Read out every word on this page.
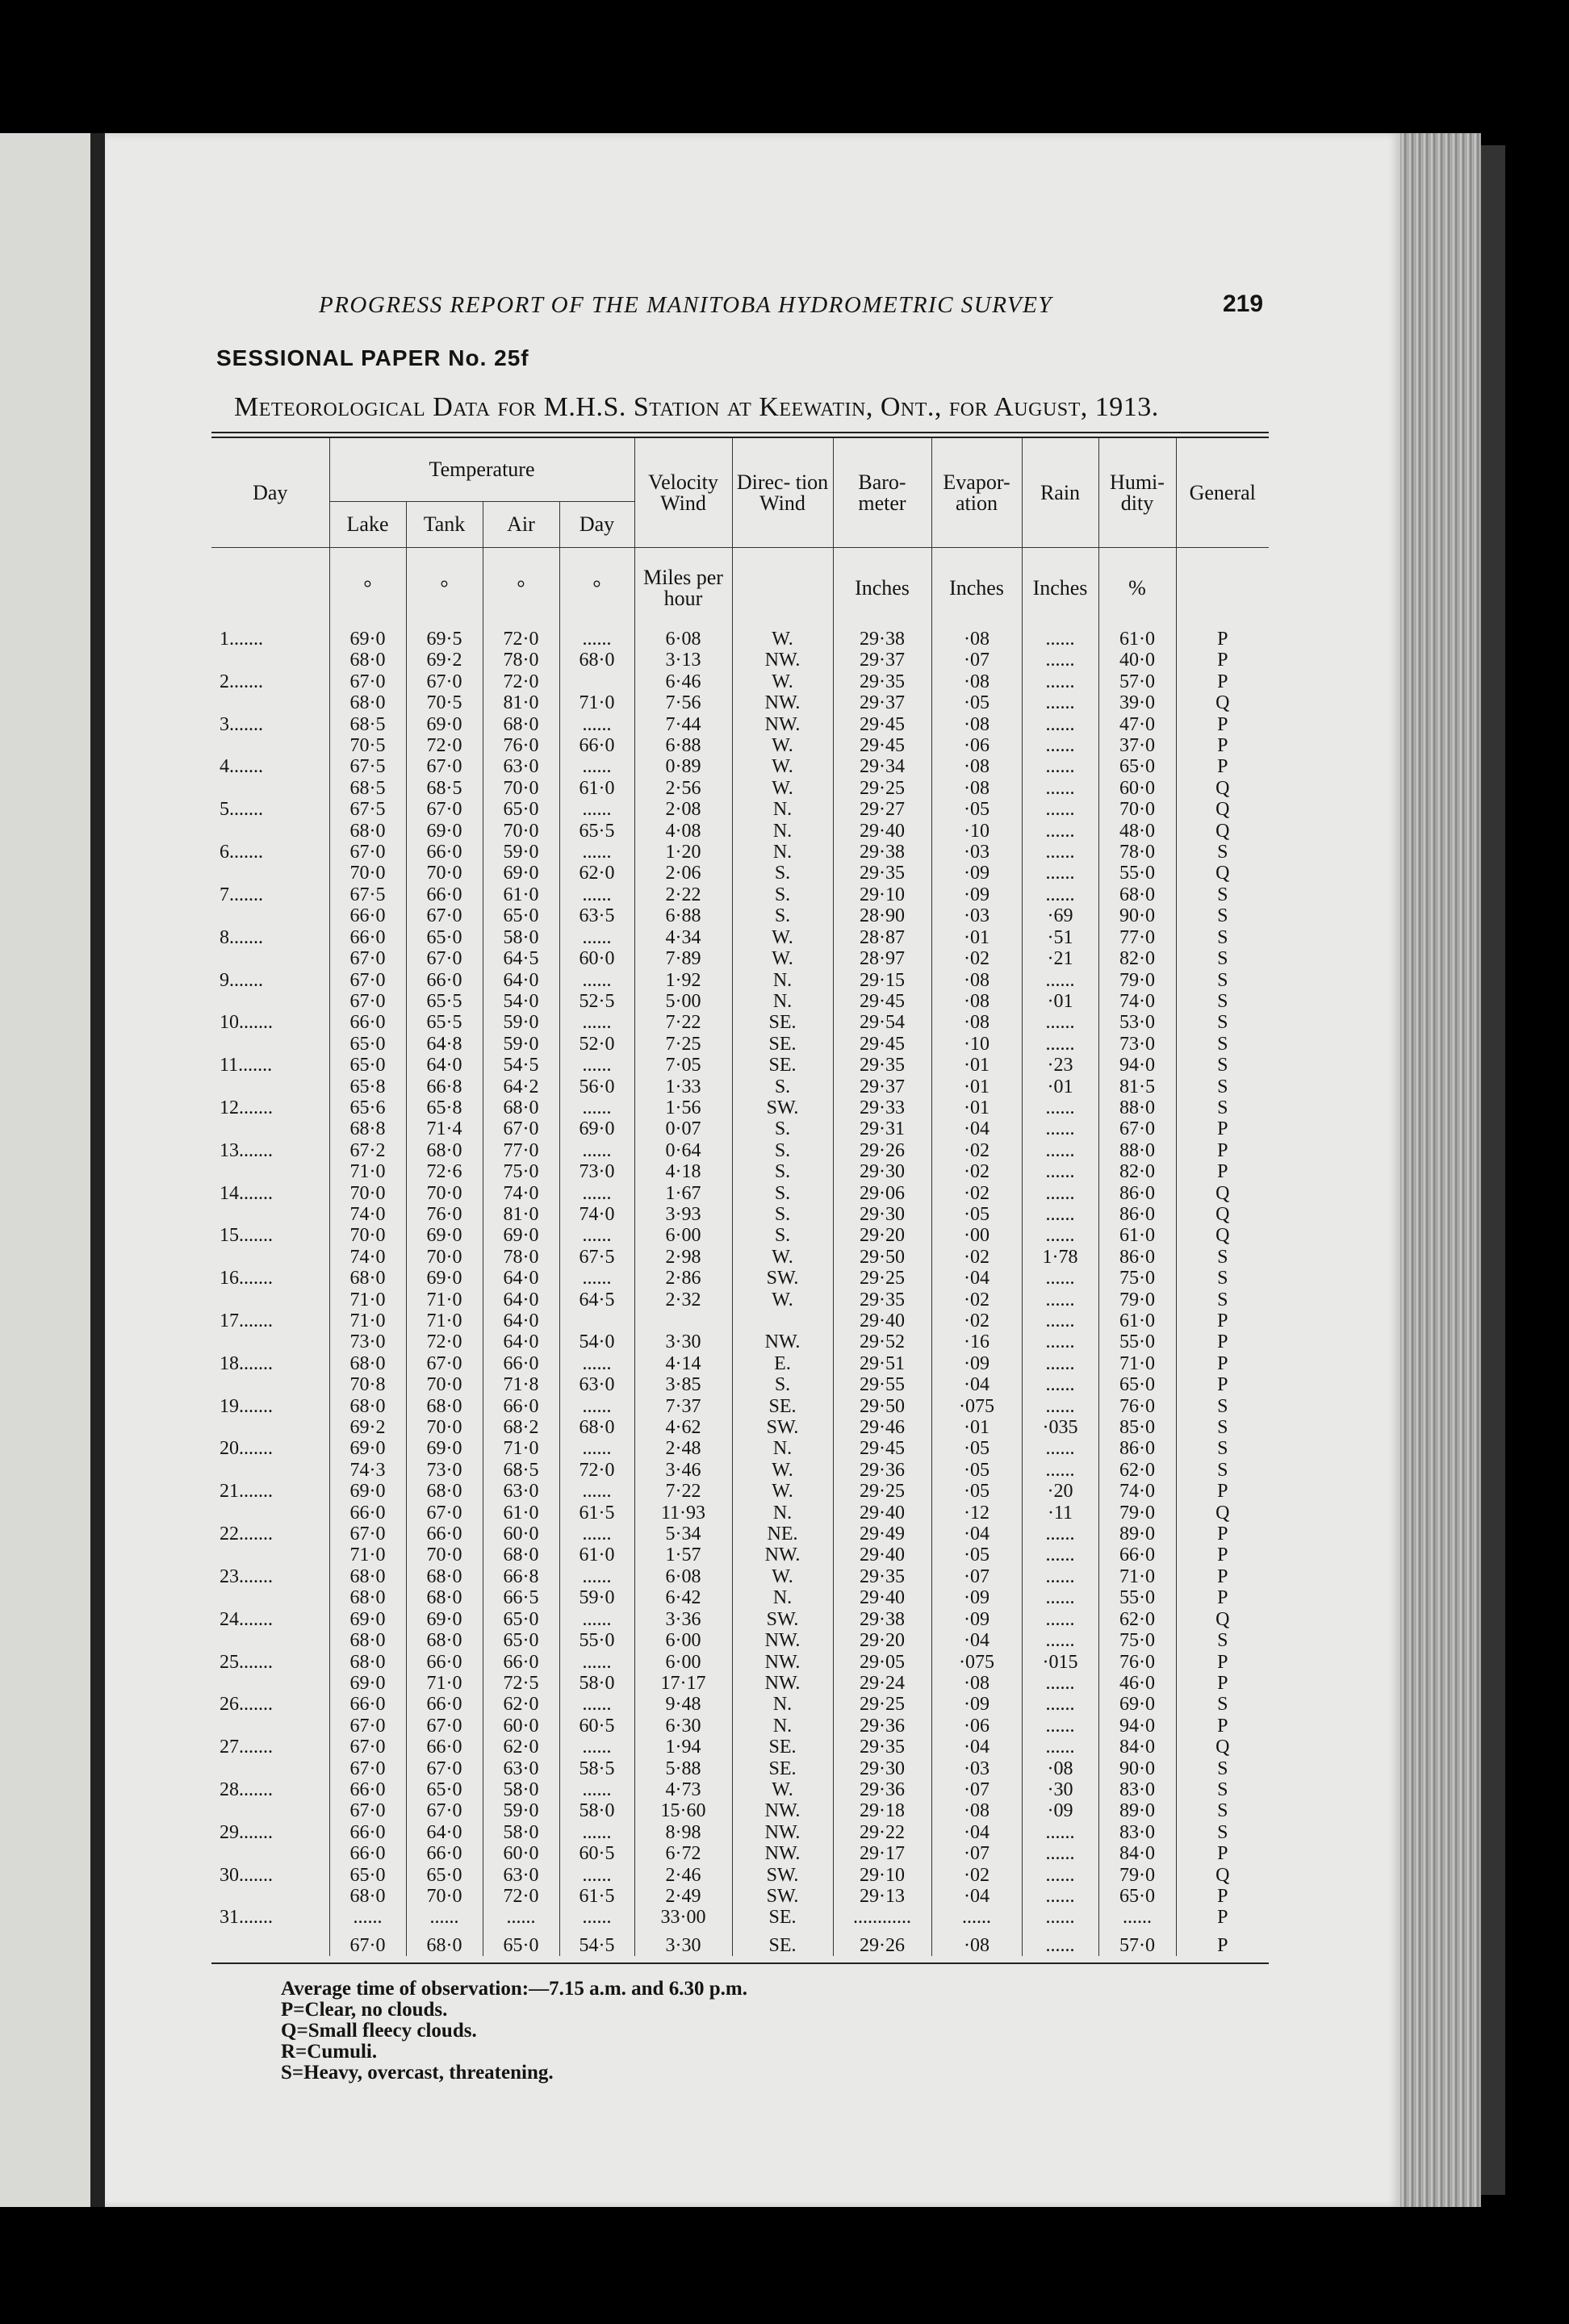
PROGRESS REPORT OF THE MANITOBA HYDROMETRIC SURVEY	219
SESSIONAL PAPER No. 25f
Meteorological Data for M.H.S. Station at Keewatin, Ont., for August, 1913.
Day	Temperature				Velocity Wind	Direc- tion Wind	Baro- meter	Evapor- ation	Rain	Humi- dity	General
	Lake	Tank	Air	Day							
	°	°	°	°	Miles per hour		Inches	Inches	Inches	%	
1.......	69·0	69·5	72·0	......	6·08	W.	29·38	·08	......	61·0	P
	68·0	69·2	78·0	68·0	3·13	NW.	29·37	·07	......	40·0	P
2.......	67·0	67·0	72·0		6·46	W.	29·35	·08	......	57·0	P
	68·0	70·5	81·0	71·0	7·56	NW.	29·37	·05	......	39·0	Q
3.......	68·5	69·0	68·0	......	7·44	NW.	29·45	·08	......	47·0	P
	70·5	72·0	76·0	66·0	6·88	W.	29·45	·06	......	37·0	P
4.......	67·5	67·0	63·0	......	0·89	W.	29·34	·08	......	65·0	P
	68·5	68·5	70·0	61·0	2·56	W.	29·25	·08	......	60·0	Q
5.......	67·5	67·0	65·0	......	2·08	N.	29·27	·05	......	70·0	Q
	68·0	69·0	70·0	65·5	4·08	N.	29·40	·10	......	48·0	Q
6.......	67·0	66·0	59·0	......	1·20	N.	29·38	·03	......	78·0	S
	70·0	70·0	69·0	62·0	2·06	S.	29·35	·09	......	55·0	Q
7.......	67·5	66·0	61·0	......	2·22	S.	29·10	·09	......	68·0	S
	66·0	67·0	65·0	63·5	6·88	S.	28·90	·03	·69	90·0	S
8.......	66·0	65·0	58·0	......	4·34	W.	28·87	·01	·51	77·0	S
	67·0	67·0	64·5	60·0	7·89	W.	28·97	·02	·21	82·0	S
9.......	67·0	66·0	64·0	......	1·92	N.	29·15	·08	......	79·0	S
	67·0	65·5	54·0	52·5	5·00	N.	29·45	·08	·01	74·0	S
10.......	66·0	65·5	59·0	......	7·22	SE.	29·54	·08	......	53·0	S
	65·0	64·8	59·0	52·0	7·25	SE.	29·45	·10	......	73·0	S
11.......	65·0	64·0	54·5	......	7·05	SE.	29·35	·01	·23	94·0	S
	65·8	66·8	64·2	56·0	1·33	S.	29·37	·01	·01	81·5	S
12.......	65·6	65·8	68·0	......	1·56	SW.	29·33	·01	......	88·0	S
	68·8	71·4	67·0	69·0	0·07	S.	29·31	·04	......	67·0	P
13.......	67·2	68·0	77·0	......	0·64	S.	29·26	·02	......	88·0	P
	71·0	72·6	75·0	73·0	4·18	S.	29·30	·02	......	82·0	P
14.......	70·0	70·0	74·0	......	1·67	S.	29·06	·02	......	86·0	Q
	74·0	76·0	81·0	74·0	3·93	S.	29·30	·05	......	86·0	Q
15.......	70·0	69·0	69·0	......	6·00	S.	29·20	·00	......	61·0	Q
	74·0	70·0	78·0	67·5	2·98	W.	29·50	·02	1·78	86·0	S
16.......	68·0	69·0	64·0	......	2·86	SW.	29·25	·04	......	75·0	S
	71·0	71·0	64·0	64·5	2·32	W.	29·35	·02	......	79·0	S
17.......	71·0	71·0	64·0				29·40	·02	......	61·0	P
	73·0	72·0	64·0	54·0	3·30	NW.	29·52	·16	......	55·0	P
18.......	68·0	67·0	66·0	......	4·14	E.	29·51	·09	......	71·0	P
	70·8	70·0	71·8	63·0	3·85	S.	29·55	·04	......	65·0	P
19.......	68·0	68·0	66·0	......	7·37	SE.	29·50	·075	......	76·0	S
	69·2	70·0	68·2	68·0	4·62	SW.	29·46	·01	·035	85·0	S
20.......	69·0	69·0	71·0	......	2·48	N.	29·45	·05	......	86·0	S
	74·3	73·0	68·5	72·0	3·46	W.	29·36	·05	......	62·0	S
21.......	69·0	68·0	63·0	......	7·22	W.	29·25	·05	·20	74·0	P
	66·0	67·0	61·0	61·5	11·93	N.	29·40	·12	·11	79·0	Q
22.......	67·0	66·0	60·0	......	5·34	NE.	29·49	·04	......	89·0	P
	71·0	70·0	68·0	61·0	1·57	NW.	29·40	·05	......	66·0	P
23.......	68·0	68·0	66·8	......	6·08	W.	29·35	·07	......	71·0	P
	68·0	68·0	66·5	59·0	6·42	N.	29·40	·09	......	55·0	P
24.......	69·0	69·0	65·0	......	3·36	SW.	29·38	·09	......	62·0	Q
	68·0	68·0	65·0	55·0	6·00	NW.	29·20	·04	......	75·0	S
25.......	68·0	66·0	66·0	......	6·00	NW.	29·05	·075	·015	76·0	P
	69·0	71·0	72·5	58·0	17·17	NW.	29·24	·08	......	46·0	P
26.......	66·0	66·0	62·0	......	9·48	N.	29·25	·09	......	69·0	S
	67·0	67·0	60·0	60·5	6·30	N.	29·36	·06	......	94·0	P
27.......	67·0	66·0	62·0	......	1·94	SE.	29·35	·04	......	84·0	Q
	67·0	67·0	63·0	58·5	5·88	SE.	29·30	·03	·08	90·0	S
28.......	66·0	65·0	58·0	......	4·73	W.	29·36	·07	·30	83·0	S
	67·0	67·0	59·0	58·0	15·60	NW.	29·18	·08	·09	89·0	S
29.......	66·0	64·0	58·0	......	8·98	NW.	29·22	·04	......	83·0	S
	66·0	66·0	60·0	60·5	6·72	NW.	29·17	·07	......	84·0	P
30.......	65·0	65·0	63·0	......	2·46	SW.	29·10	·02	......	79·0	Q
	68·0	70·0	72·0	61·5	2·49	SW.	29·13	·04	......	65·0	P
31.......	......	......	......	......	33·00	SE.	............	......	......	......	P
	67·0	68·0	65·0	54·5	3·30	SE.	29·26	·08	......	57·0	P
Average time of observation:—7.15 a.m. and 6.30 p.m.
P=Clear, no clouds.
Q=Small fleecy clouds.
R=Cumuli.
S=Heavy, overcast, threatening.
